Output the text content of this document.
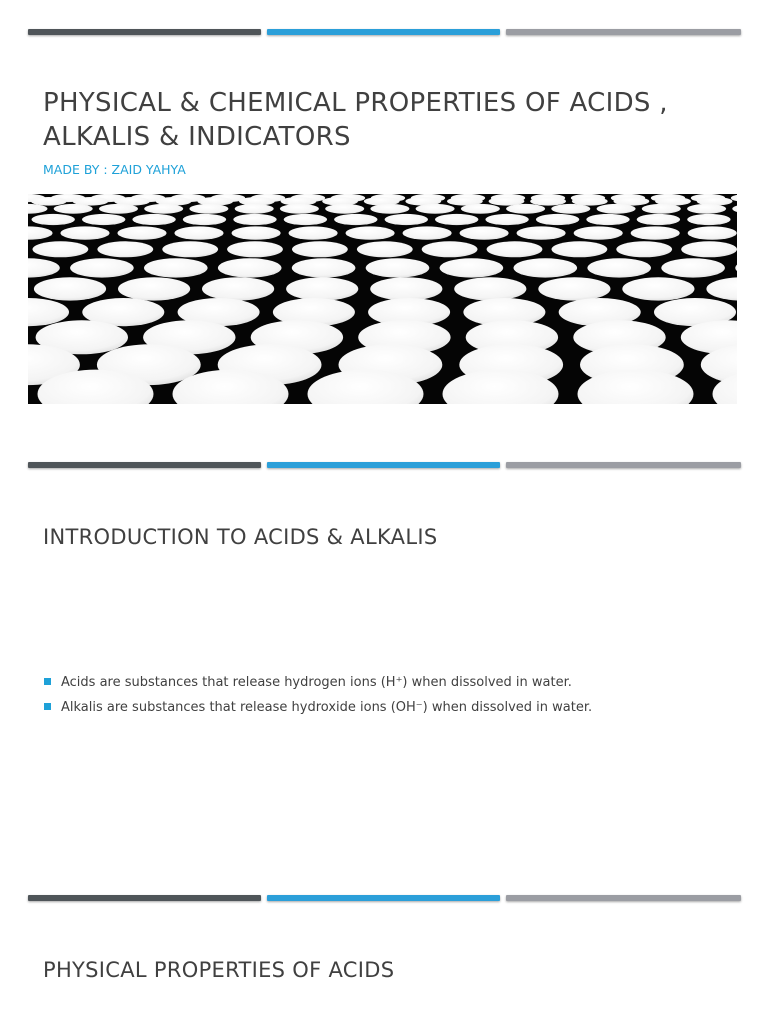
PHYSICAL & CHEMICAL PROPERTIES OF ACIDS , ALKALIS & INDICATORS
MADE BY : ZAID YAHYA
INTRODUCTION TO ACIDS & ALKALIS
Acids are substances that release hydrogen ions (H⁺) when dissolved in water.
Alkalis are substances that release hydroxide ions (OH⁻) when dissolved in water.
PHYSICAL PROPERTIES OF ACIDS
